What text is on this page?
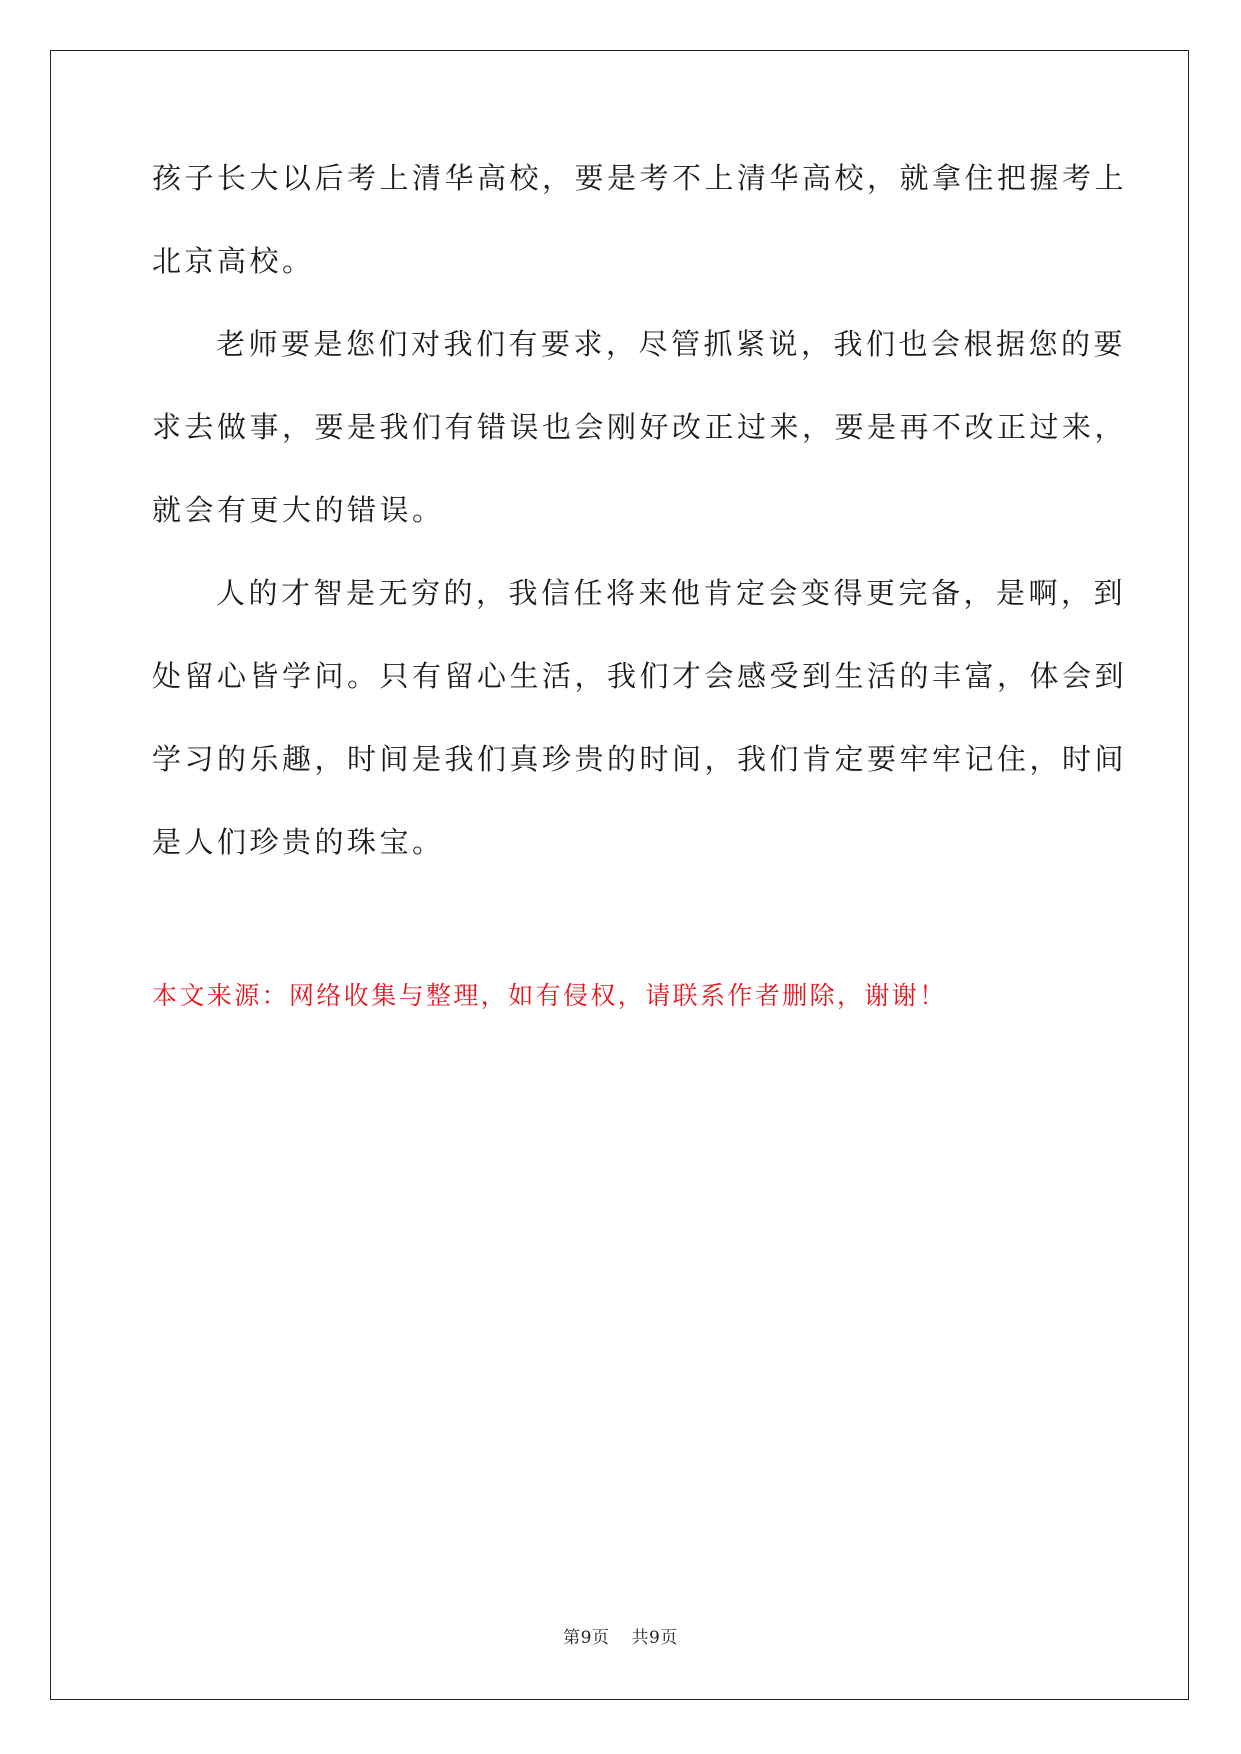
孩子长大以后考上清华高校，要是考不上清华高校，就拿住把握考上
北京高校。
老师要是您们对我们有要求，尽管抓紧说，我们也会根据您的要
求去做事，要是我们有错误也会刚好改正过来，要是再不改正过来，
就会有更大的错误。
人的才智是无穷的，我信任将来他肯定会变得更完备，是啊，到
处留心皆学问。只有留心生活，我们才会感受到生活的丰富，体会到
学习的乐趣，时间是我们真珍贵的时间，我们肯定要牢牢记住，时间
是人们珍贵的珠宝。
本文来源：网络收集与整理，如有侵权，请联系作者删除，谢谢！
第9页 共9页
